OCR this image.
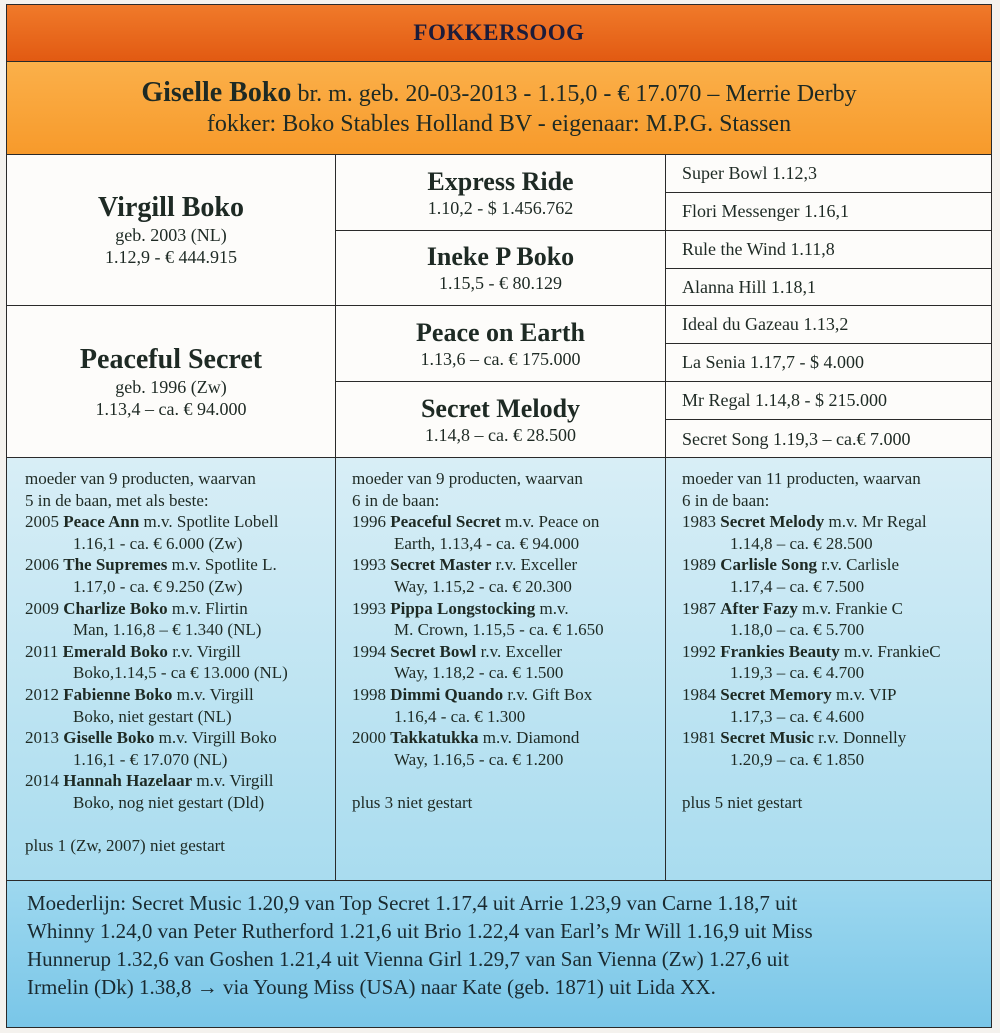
FOKKERSOOG
Giselle Boko br. m. geb. 20-03-2013 - 1.15,0 - € 17.070 – Merrie Derby
fokker: Boko Stables Holland BV - eigenaar: M.P.G. Stassen
Virgill Boko
geb. 2003 (NL)
1.12,9 - € 444.915
Peaceful Secret
geb. 1996 (Zw)
1.13,4 – ca. € 94.000
Express Ride
1.10,2 - $ 1.456.762
Ineke P Boko
1.15,5 - € 80.129
Peace on Earth
1.13,6 – ca. € 175.000
Secret Melody
1.14,8 – ca. € 28.500
Super Bowl 1.12,3
Flori Messenger 1.16,1
Rule the Wind 1.11,8
Alanna Hill 1.18,1
Ideal du Gazeau 1.13,2
La Senia 1.17,7 - $ 4.000
Mr Regal 1.14,8 - $ 215.000
Secret Song 1.19,3 – ca.€ 7.000
moeder van 9 producten, waarvan
5 in de baan, met als beste:
2005 Peace Ann m.v. Spotlite Lobell
1.16,1 - ca. € 6.000 (Zw)
2006 The Supremes m.v. Spotlite L.
1.17,0 - ca. € 9.250 (Zw)
2009 Charlize Boko m.v. Flirtin
Man, 1.16,8 – € 1.340 (NL)
2011 Emerald Boko r.v. Virgill
Boko,1.14,5 - ca € 13.000 (NL)
2012 Fabienne Boko m.v. Virgill
Boko, niet gestart (NL)
2013 Giselle Boko m.v. Virgill Boko
1.16,1 - € 17.070 (NL)
2014 Hannah Hazelaar m.v. Virgill
Boko, nog niet gestart (Dld)
plus 1 (Zw, 2007) niet gestart
moeder van 9 producten, waarvan
6 in de baan:
1996 Peaceful Secret m.v. Peace on
Earth, 1.13,4 - ca. € 94.000
1993 Secret Master r.v. Exceller
Way, 1.15,2 - ca. € 20.300
1993 Pippa Longstocking m.v.
M. Crown, 1.15,5 - ca. € 1.650
1994 Secret Bowl r.v. Exceller
Way, 1.18,2 - ca. € 1.500
1998 Dimmi Quando r.v. Gift Box
1.16,4 - ca. € 1.300
2000 Takkatukka m.v. Diamond
Way, 1.16,5 - ca. € 1.200
plus 3 niet gestart
moeder van 11 producten, waarvan
6 in de baan:
1983 Secret Melody m.v. Mr Regal
1.14,8 – ca. € 28.500
1989 Carlisle Song r.v. Carlisle
1.17,4 – ca. € 7.500
1987 After Fazy m.v. Frankie C
1.18,0 – ca. € 5.700
1992 Frankies Beauty m.v. FrankieC
1.19,3 – ca. € 4.700
1984 Secret Memory m.v. VIP
1.17,3 – ca. € 4.600
1981 Secret Music r.v. Donnelly
1.20,9 – ca. € 1.850
plus 5 niet gestart
Moederlijn: Secret Music 1.20,9 van Top Secret 1.17,4 uit Arrie 1.23,9 van Carne 1.18,7 uit
Whinny 1.24,0 van Peter Rutherford 1.21,6 uit Brio 1.22,4 van Earl’s Mr Will 1.16,9 uit Miss
Hunnerup 1.32,6 van Goshen 1.21,4 uit Vienna Girl 1.29,7 van San Vienna (Zw) 1.27,6 uit
Irmelin (Dk) 1.38,8 → via Young Miss (USA) naar Kate (geb. 1871) uit Lida XX.
